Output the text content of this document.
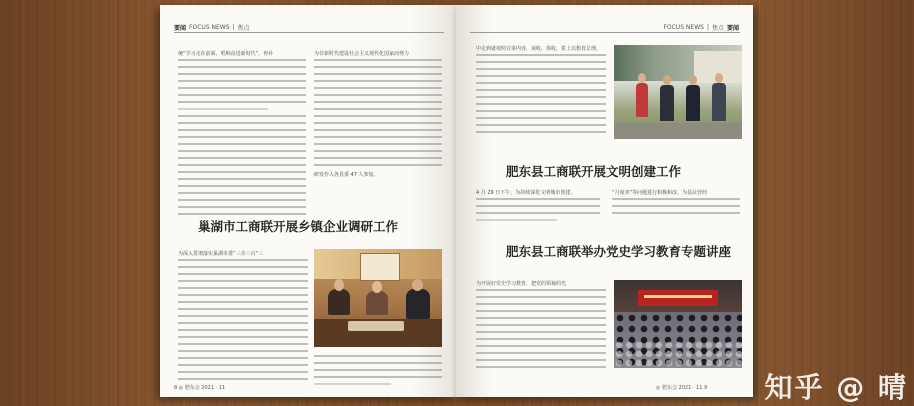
要闻 FOCUS NEWS | 焦点
统“学习走在前面、唱响奋进新时代”，再补	为非新时代建设社会主义现代化国家而努力
研发作入各县委 47 人参加。
巢湖市工商联开展乡镇企业调研工作
为深入贯彻落实巢湖市委“三企三百”三
8 ◎ 肥东会 2021 · 11
FOCUS NEWS | 焦点 要闻
中走到就按照宣讲内容，谈收、体收，希上以想育总理，
肥东县工商联开展文明创建工作
4 月 29 日下午，为持续深化文明城市创建，	“月度查”等问题进行积极和改，为县民营经
肥东县工商联举办党史学习教育专题讲座
为开展好党史学习教育，把党的领袖的光
◎ 肥东会 2021 · 11 9 知乎 @ 晴
